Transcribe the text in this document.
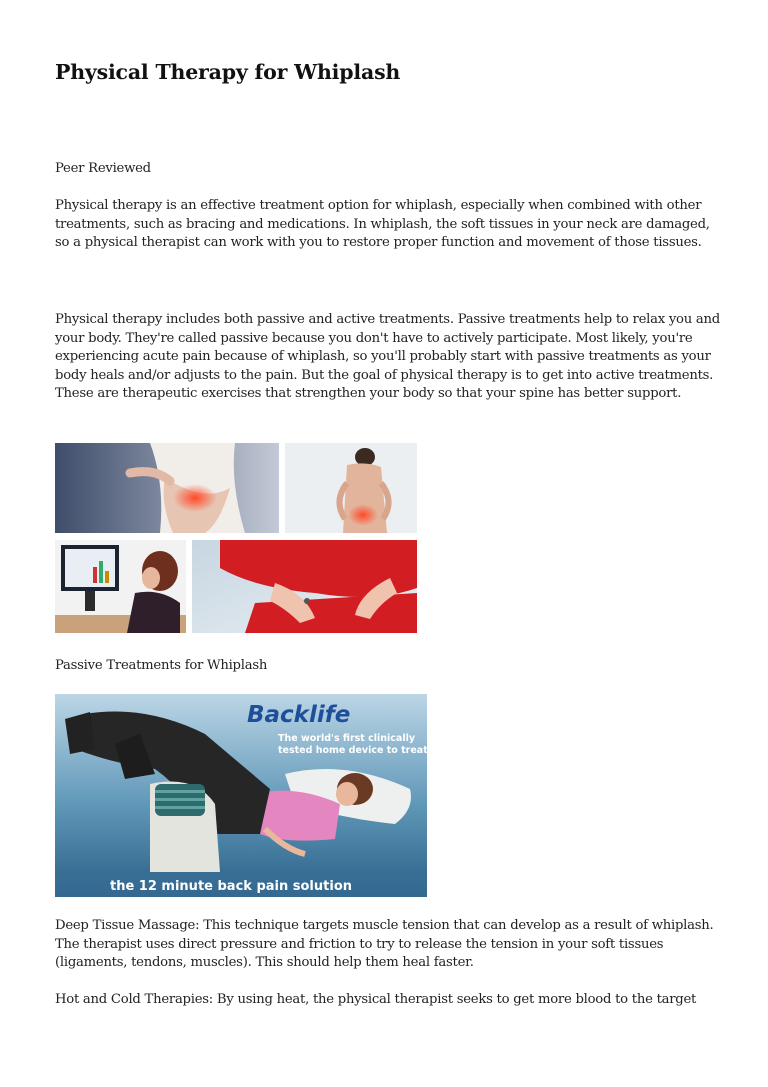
Physical Therapy for Whiplash

Peer Reviewed

Physical therapy is an effective treatment option for whiplash, especially when combined with other treatments, such as bracing and medications. In whiplash, the soft tissues in your neck are damaged, so a physical therapist can work with you to restore proper function and movement of those tissues.

Physical therapy includes both passive and active treatments. Passive treatments help to relax you and your body. They're called passive because you don't have to actively participate. Most likely, you're experiencing acute pain because of whiplash, so you'll probably start with passive treatments as your body heals and/or adjusts to the pain. But the goal of physical therapy is to get into active treatments. These are therapeutic exercises that strengthen your body so that your spine has better support.

Passive Treatments for Whiplash

Backlife
The world's first clinically
tested home device to treat back pain.
the 12 minute back pain solution

Deep Tissue Massage: This technique targets muscle tension that can develop as a result of whiplash. The therapist uses direct pressure and friction to try to release the tension in your soft tissues (ligaments, tendons, muscles). This should help them heal faster.

Hot and Cold Therapies: By using heat, the physical therapist seeks to get more blood to the target
